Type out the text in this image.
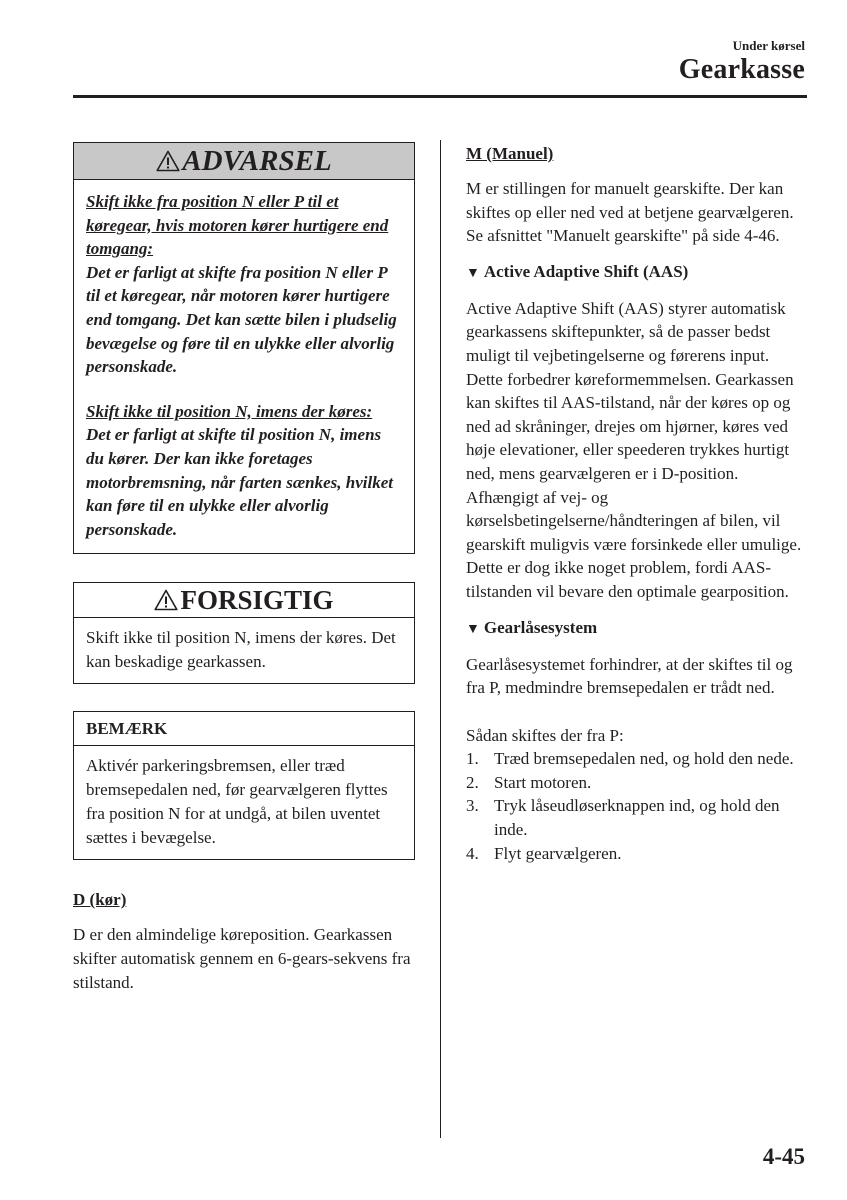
Under kørsel
Gearkasse
ADVARSEL

Skift ikke fra position N eller P til et køregear, hvis motoren kører hurtigere end tomgang:
Det er farligt at skifte fra position N eller P til et køregear, når motoren kører hurtigere end tomgang. Det kan sætte bilen i pludselig bevægelse og føre til en ulykke eller alvorlig personskade.

Skift ikke til position N, imens der køres:
Det er farligt at skifte til position N, imens du kører. Der kan ikke foretages motorbremsning, når farten sænkes, hvilket kan føre til en ulykke eller alvorlig personskade.

FORSIGTIG
Skift ikke til position N, imens der køres. Det kan beskadige gearkassen.
BEMÆRK
Aktivér parkeringsbremsen, eller træd bremsepedalen ned, før gearvælgeren flyttes fra position N for at undgå, at bilen uventet sættes i bevægelse.
D (kør)

D er den almindelige køreposition. Gearkassen skifter automatisk gennem en 6-gears-sekvens fra stilstand.

M (Manuel)

M er stillingen for manuelt gearskifte. Der kan skiftes op eller ned ved at betjene gearvælgeren. Se afsnittet "Manuelt gearskifte" på side 4-46.

▼ Active Adaptive Shift (AAS)

Active Adaptive Shift (AAS) styrer automatisk gearkassens skiftepunkter, så de passer bedst muligt til vejbetingelserne og førerens input. Dette forbedrer køreformemmelsen. Gearkassen kan skiftes til AAS-tilstand, når der køres op og ned ad skråninger, drejes om hjørner, køres ved høje elevationer, eller speederen trykkes hurtigt ned, mens gearvælgeren er i D-position. Afhængigt af vej- og kørselsbetingelserne/håndteringen af bilen, vil gearskift muligvis være forsinkede eller umulige. Dette er dog ikke noget problem, fordi AAS-tilstanden vil bevare den optimale gearposition.

▼ Gearlåsesystem

Gearlåsesystemet forhindrer, at der skiftes til og fra P, medmindre bremsepedalen er trådt ned.

Sådan skiftes der fra P:

1. Træd bremsepedalen ned, og hold den nede.
2. Start motoren.
3. Tryk låseudløserknappen ind, og hold den inde.
4. Flyt gearvælgeren.
4-45
